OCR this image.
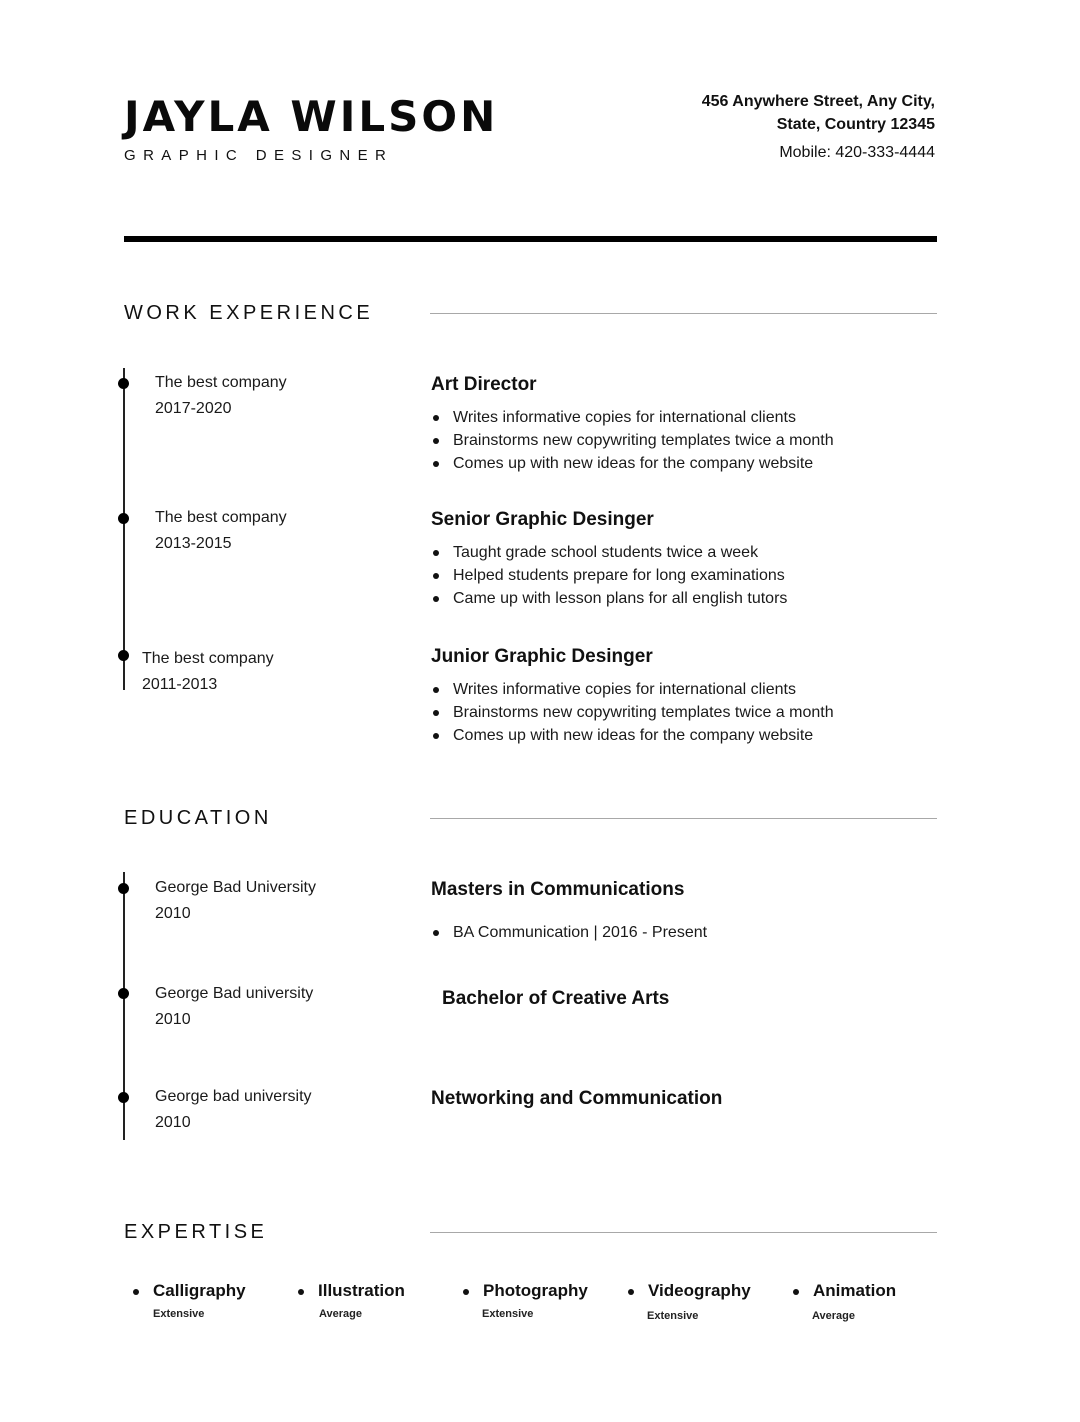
JAYLA WILSON
GRAPHIC DESIGNER
456 Anywhere Street, Any City,
State, Country 12345
Mobile: 420-333-4444
WORK EXPERIENCE
The best company
2017-2020
Art Director
Writes informative copies for international clients
Brainstorms new copywriting templates twice a month
Comes up with new ideas for the company website
The best company
2013-2015
Senior Graphic Desinger
Taught grade school students twice a week
Helped students prepare for long examinations
Came up with lesson plans for all english tutors
The best company
2011-2013
Junior Graphic Desinger
Writes informative copies for international clients
Brainstorms new copywriting templates twice a month
Comes up with new ideas for the company website
EDUCATION
George Bad University
2010
Masters in Communications
BA Communication | 2016 - Present
George Bad university
2010
Bachelor of Creative Arts
George bad university
2010
Networking and Communication
EXPERTISE
Calligraphy
Extensive
Illustration
Average
Photography
Extensive
Videography
Extensive
Animation
Average
